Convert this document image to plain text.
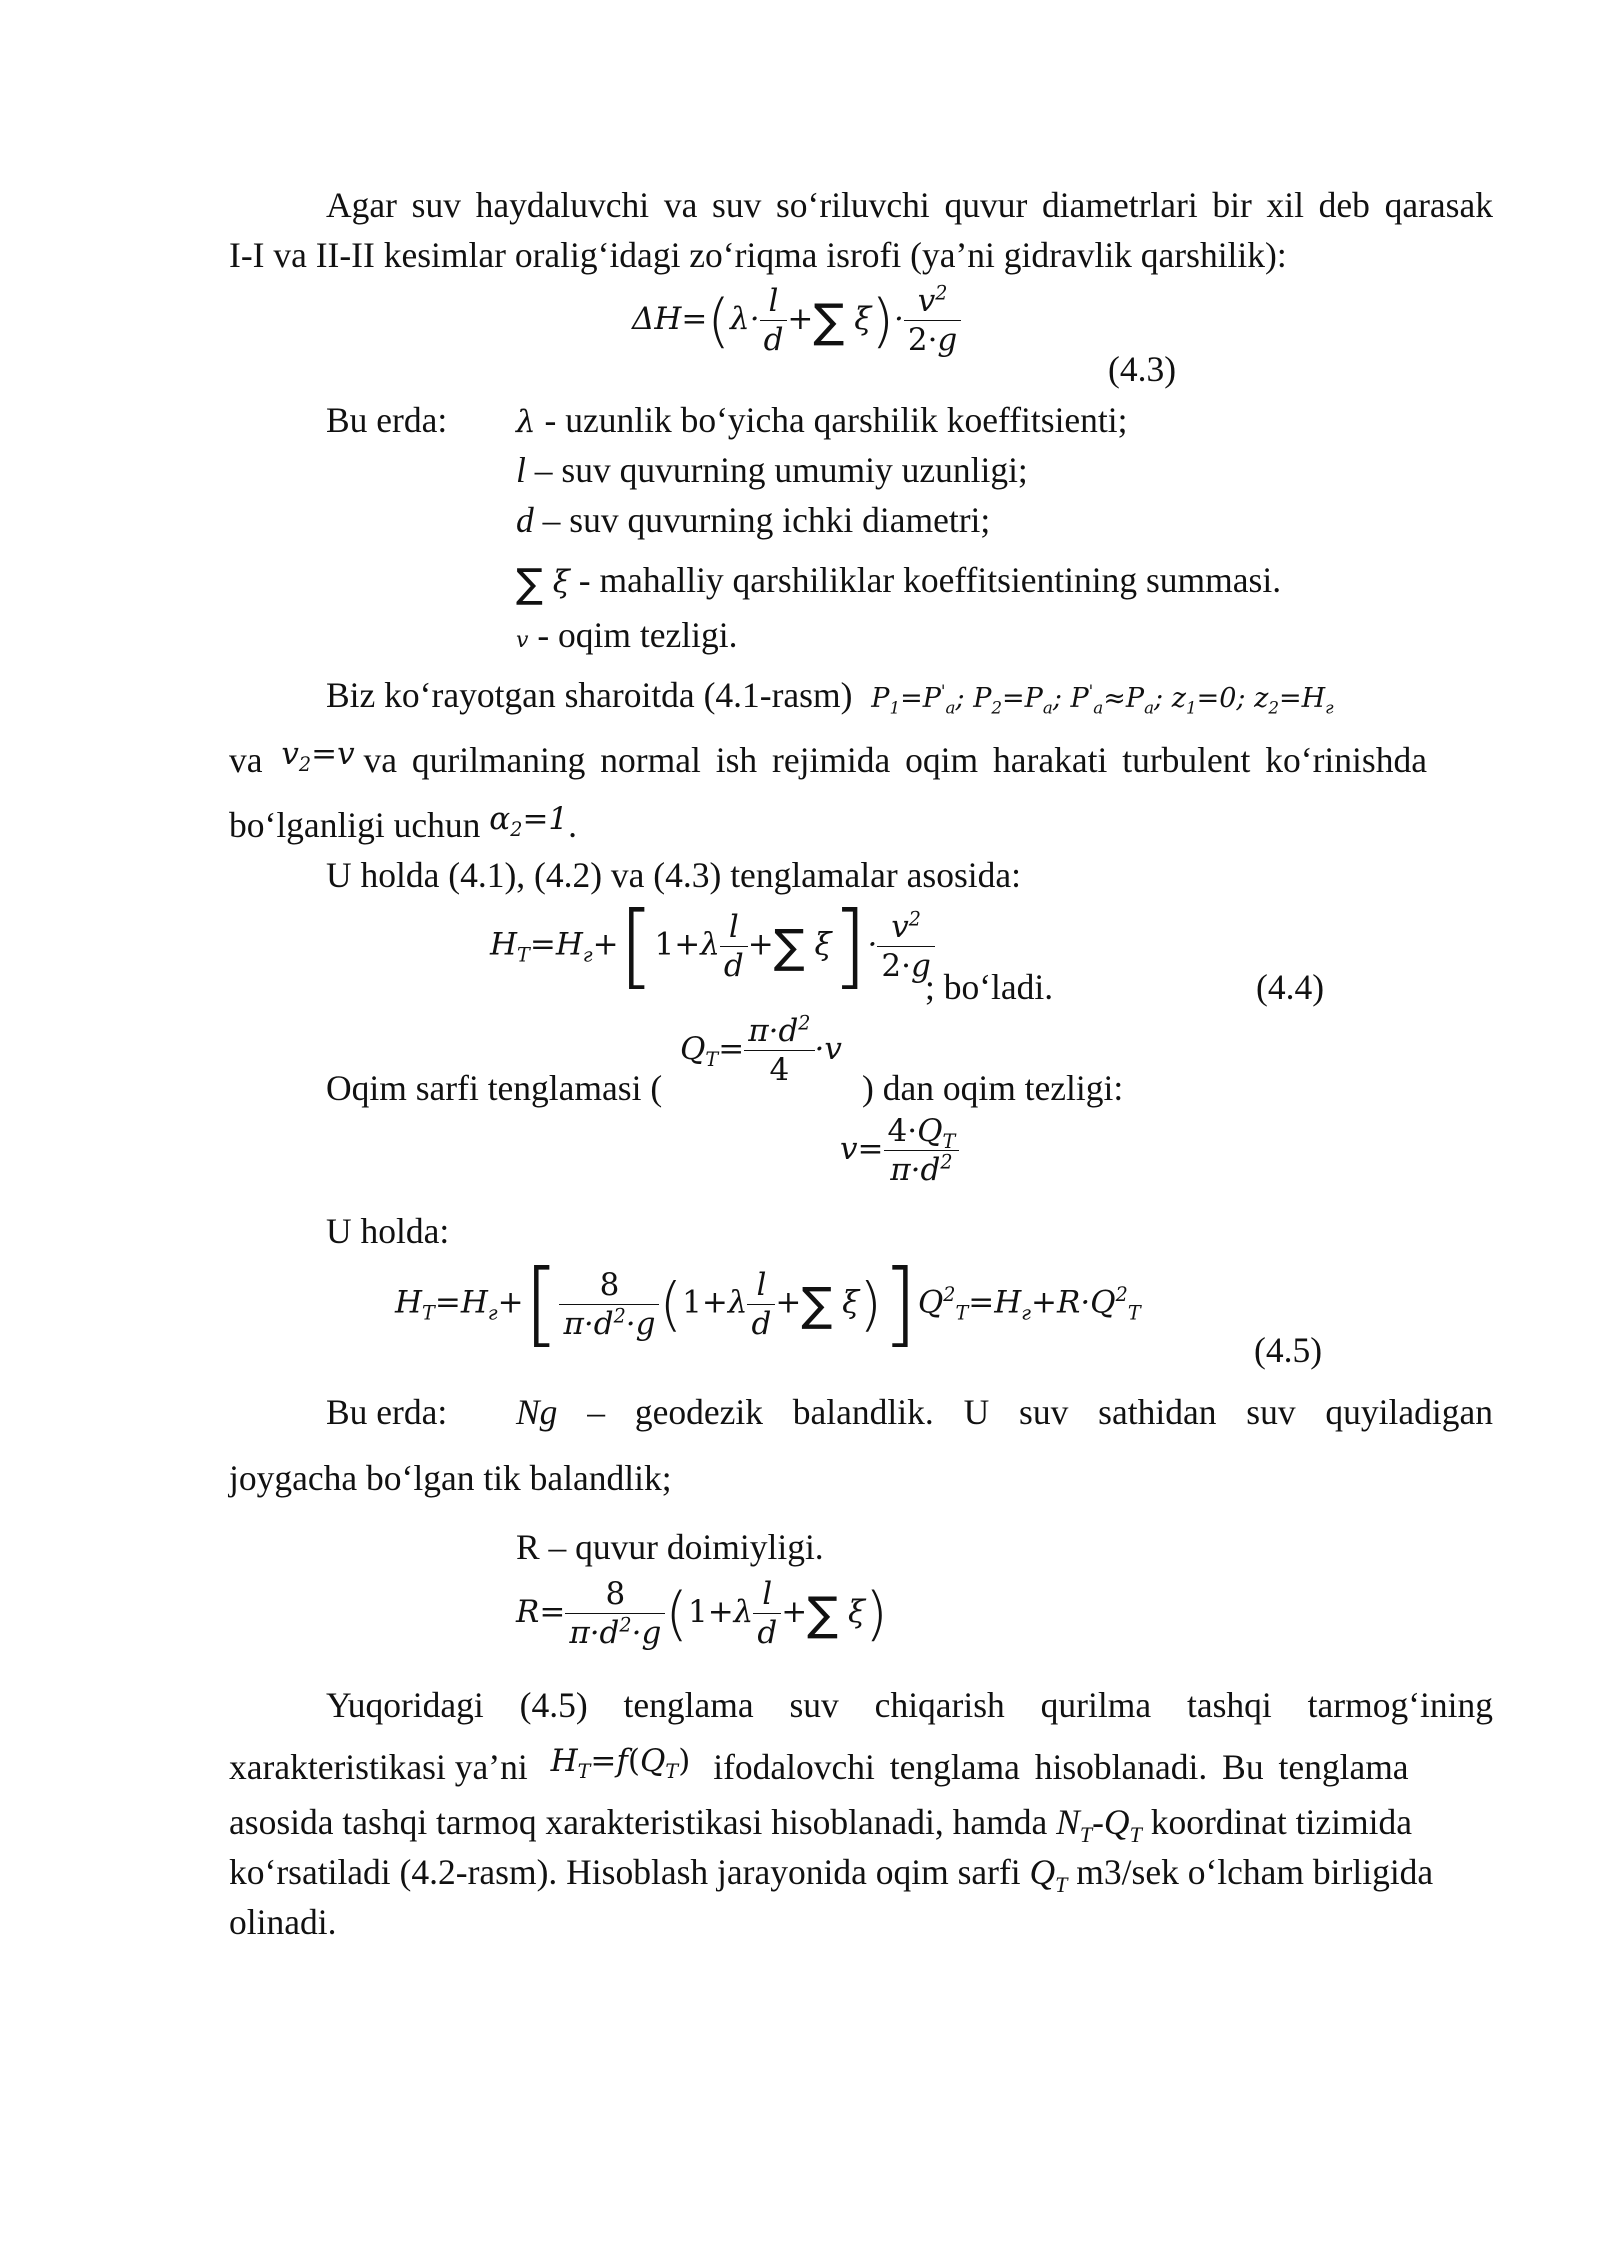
Agar suv haydaluvchi va suv so‘riluvchi quvur diametrlari bir xil deb qarasak
I-I va II-II kesimlar oralig‘idagi zo‘riqma isrofi (ya’ni gidravlik qarshilik):
$\Delta H=(\lambda\cdot \frac{l}{d}$ +∑ $\xi)\cdot \frac{v^2}{2\cdot g}$
(4.3)
Bu erda:	λ - uzunlik bo‘yicha qarshilik koeffitsienti;
l – suv quvurning umumiy uzunligi;
d – suv quvurning ichki diametri;
∑ ξ - mahalliy qarshiliklar koeffitsientining summasi.
v - oqim tezligi.
Biz ko‘rayotgan sharoitda (4.1-rasm) $P_1=P'_a$; $P_2=P_a$; $P'_a\approx P_a$; $z_1=0$; $z_2=H_г$
va $v_2=v$ va qurilmaning normal ish rejimida oqim harakati turbulent ko‘rinishda
bo‘lganligi uchun $\alpha_2=1$.
U holda (4.1), (4.2) va (4.3) tenglamalar asosida:
$H_T=H_г+[1+\lambda \frac{l}{d}$ +∑ $\xi]\cdot \frac{v^2}{2\cdot g}$
; bo‘ladi.	(4.4)
Oqim sarfi tenglamasi (
$Q_T= \frac{\pi\cdot d^2}{4} \cdot v$
) dan oqim tezligi:
$v= \frac{4\cdot Q_T}{\pi\cdot d^2}$
U holda:
$H_T=H_г+[ \frac{8}{\pi\cdot d^2\cdot g} (1+\lambda \frac{l}{d}$ +∑ $\xi)]Q^2_T=H_г+R\cdot Q^2_T$
(4.5)
Bu erda:	Ng – geodezik balandlik. U suv sathidan suv quyiladigan
joygacha bo‘lgan tik balandlik;
R – quvur doimiyligi.
$R= \frac{8}{\pi\cdot d^2\cdot g} (1+\lambda \frac{l}{d}$ +∑ ξ)
Yuqoridagi (4.5) tenglama suv chiqarish qurilma tashqi tarmog‘ining
xarakteristikasi ya’ni $H_T=f(Q_T)$ ifodalovchi tenglama hisoblanadi. Bu tenglama
asosida tashqi tarmoq xarakteristikasi hisoblanadi, hamda $N_T-Q_T$ koordinat tizimida
ko‘rsatiladi (4.2-rasm). Hisoblash jarayonida oqim sarfi $Q_T$ m3/sek o‘lcham birligida
olinadi.
